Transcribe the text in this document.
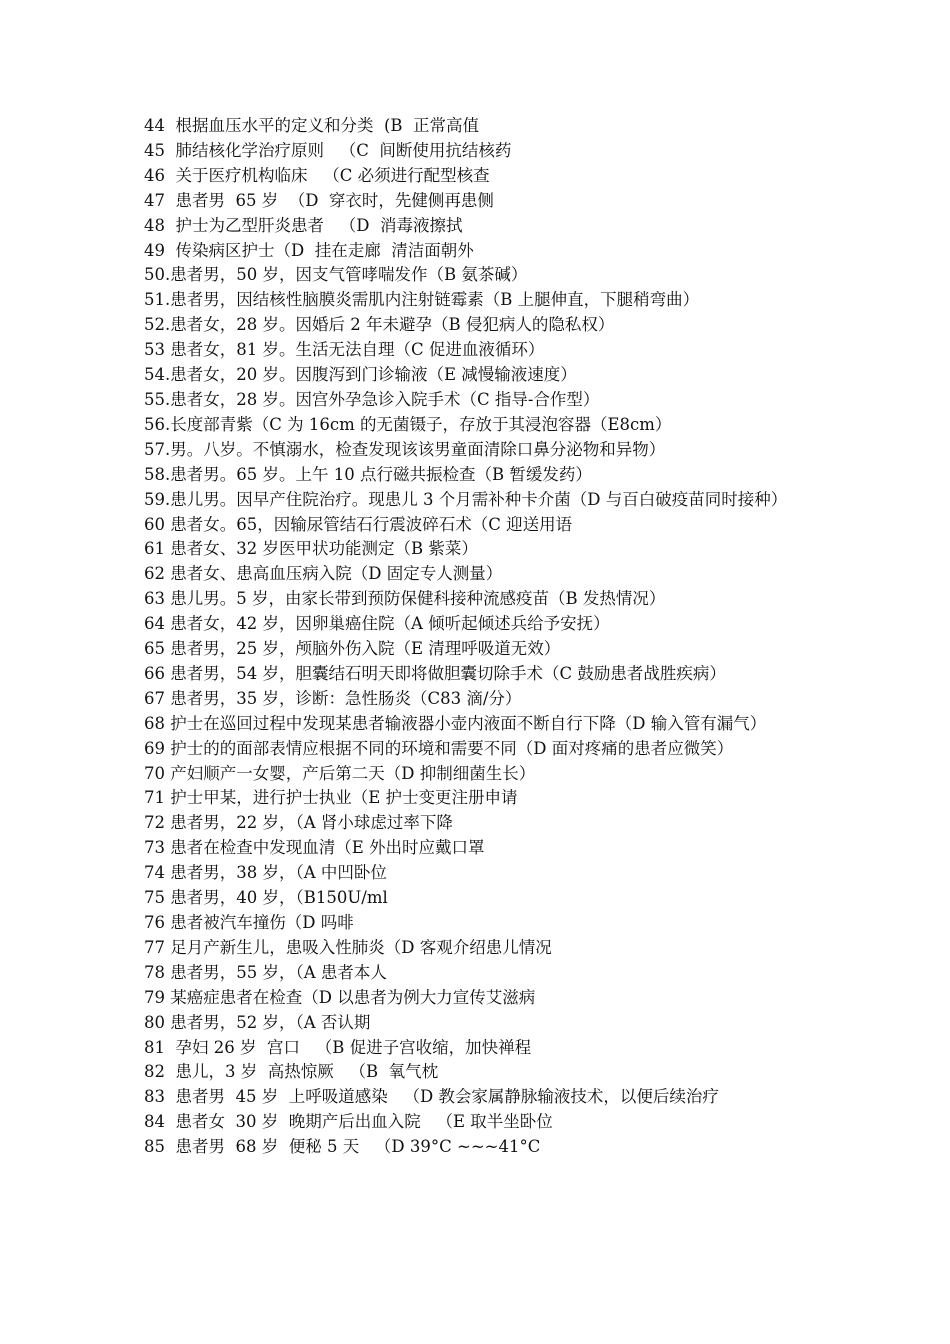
44  根据血压水平的定义和分类  (B  正常高值
45  肺结核化学治疗原则   （C  间断使用抗结核药
46  关于医疗机构临床   （C 必须进行配型核查
47  患者男  65 岁  （D  穿衣时，先健侧再患侧
48  护士为乙型肝炎患者   （D  消毒液擦拭
49  传染病区护士（D  挂在走廊  清洁面朝外
50.患者男，50 岁，因支气管哮喘发作（B 氨茶碱）
51.患者男，因结核性脑膜炎需肌内注射链霉素（B 上腿伸直，下腿稍弯曲）
52.患者女，28 岁。因婚后 2 年未避孕（B 侵犯病人的隐私权）
53 患者女，81 岁。生活无法自理（C 促进血液循环）
54.患者女，20 岁。因腹泻到门诊输液（E 减慢输液速度）
55.患者女，28 岁。因宫外孕急诊入院手术（C 指导-合作型）
56.长度部青紫（C 为 16cm 的无菌镊子，存放于其浸泡容器（E8cm）
57.男。八岁。不慎溺水，检查发现该该男童面清除口鼻分泌物和异物）
58.患者男。65 岁。上午 10 点行磁共振检查（B 暂缓发药）
59.患儿男。因早产住院治疗。现患儿 3 个月需补种卡介菌（D 与百白破疫苗同时接种）
60 患者女。65，因输尿管结石行震波碎石术（C 迎送用语
61 患者女、32 岁医甲状功能测定（B 紫菜）
62 患者女、患高血压病入院（D 固定专人测量）
63 患儿男。5 岁，由家长带到预防保健科接种流感疫苗（B 发热情况）
64 患者女，42 岁，因卵巢癌住院（A 倾听起倾述兵给予安抚）
65 患者男，25 岁，颅脑外伤入院（E 清理呼吸道无效）
66 患者男，54 岁，胆囊结石明天即将做胆囊切除手术（C 鼓励患者战胜疾病）
67 患者男，35 岁，诊断：急性肠炎（C83 滴/分）
68 护士在巡回过程中发现某患者输液器小壶内液面不断自行下降（D 输入管有漏气）
69 护士的的面部表情应根据不同的环境和需要不同（D 面对疼痛的患者应微笑）
70 产妇顺产一女婴，产后第二天（D 抑制细菌生长）
71 护士甲某，进行护士执业（E 护士变更注册申请
72 患者男，22 岁，（A 肾小球虑过率下降
73 患者在检查中发现血清（E 外出时应戴口罩
74 患者男，38 岁，（A 中凹卧位
75 患者男，40 岁，（B150U/ml
76 患者被汽车撞伤（D 吗啡
77 足月产新生儿，患吸入性肺炎（D 客观介绍患儿情况
78 患者男，55 岁，（A 患者本人
79 某癌症患者在检查（D 以患者为例大力宣传艾滋病
80 患者男，52 岁，（A 否认期
81  孕妇 26 岁  宫口   （B 促进子宫收缩，加快禅程
82  患儿，3 岁  高热惊厥   （B  氧气枕
83  患者男  45 岁  上呼吸道感染   （D 教会家属静脉输液技术，以便后续治疗
84  患者女  30 岁  晚期产后出血入院   （E 取半坐卧位
85  患者男  68 岁  便秘 5 天   （D 39°C ~~~41°C
